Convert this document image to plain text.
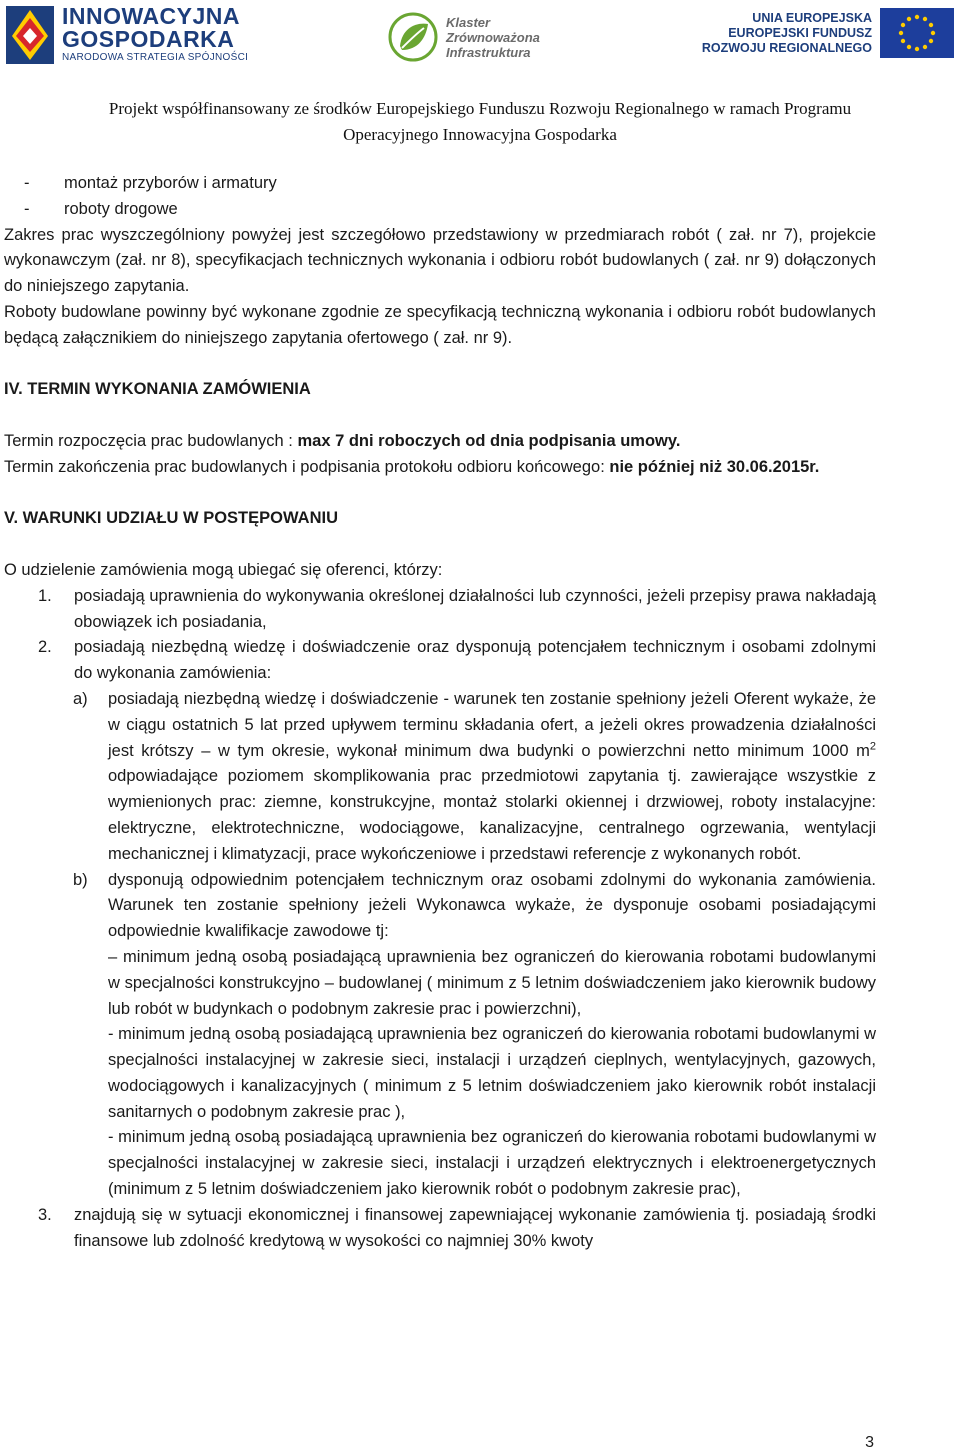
INNOWACYJNA
GOSPODARKA
NARODOWA STRATEGIA SPÓJNOŚCI
Klaster
Zrównoważona
Infrastruktura
UNIA EUROPEJSKA
EUROPEJSKI FUNDUSZ
ROZWOJU REGIONALNEGO
Projekt współfinansowany ze środków Europejskiego Funduszu Rozwoju Regionalnego w ramach Programu
Operacyjnego Innowacyjna Gospodarka

- montaż przyborów i armatury

- roboty drogowe

Zakres prac wyszczególniony powyżej jest szczegółowo przedstawiony w przedmiarach robót ( zał. nr 7), projekcie wykonawczym (zał. nr 8), specyfikacjach technicznych wykonania i odbioru robót budowlanych ( zał. nr 9) dołączonych do niniejszego zapytania.

Roboty budowlane powinny być wykonane zgodnie ze specyfikacją techniczną wykonania i odbioru robót budowlanych będącą załącznikiem do niniejszego zapytania ofertowego ( zał. nr 9).

IV. TERMIN WYKONANIA ZAMÓWIENIA

Termin rozpoczęcia prac budowlanych : max 7 dni roboczych od dnia podpisania umowy.

Termin zakończenia prac budowlanych i podpisania protokołu odbioru końcowego: nie później niż 30.06.2015r.

V. WARUNKI UDZIAŁU W POSTĘPOWANIU

O udzielenie zamówienia mogą ubiegać się oferenci, którzy:

1.	posiadają uprawnienia do wykonywania określonej działalności lub czynności, jeżeli przepisy prawa nakładają obowiązek ich posiadania,
2.	posiadają niezbędną wiedzę i doświadczenie oraz dysponują potencjałem technicznym i osobami zdolnymi do wykonania zamówienia:
a)	posiadają niezbędną wiedzę i doświadczenie - warunek ten zostanie spełniony jeżeli Oferent wykaże, że w ciągu ostatnich 5 lat przed upływem terminu składania ofert, a jeżeli okres prowadzenia działalności jest krótszy – w tym okresie, wykonał minimum dwa budynki o powierzchni netto minimum 1000 $m^2$ odpowiadające poziomem skomplikowania prac przedmiotowi zapytania tj. zawierające wszystkie z wymienionych prac: ziemne, konstrukcyjne, montaż stolarki okiennej i drzwiowej, roboty instalacyjne: elektryczne, elektrotechniczne, wodociągowe, kanalizacyjne, centralnego ogrzewania, wentylacji mechanicznej i klimatyzacji, prace wykończeniowe i przedstawi referencje z wykonanych robót.
b)	dysponują odpowiednim potencjałem technicznym oraz osobami zdolnymi do wykonania zamówienia. Warunek ten zostanie spełniony jeżeli Wykonawca wykaże, że dysponuje osobami posiadającymi odpowiednie kwalifikacje zawodowe tj:

– minimum jedną osobą posiadającą uprawnienia bez ograniczeń do kierowania robotami budowlanymi w specjalności konstrukcyjno – budowlanej ( minimum z 5 letnim doświadczeniem jako kierownik budowy lub robót w budynkach o podobnym zakresie prac i powierzchni),

- minimum jedną osobą posiadającą uprawnienia bez ograniczeń do kierowania robotami budowlanymi w specjalności instalacyjnej w zakresie sieci, instalacji i urządzeń cieplnych, wentylacyjnych, gazowych, wodociągowych i kanalizacyjnych ( minimum z 5 letnim doświadczeniem jako kierownik robót instalacji sanitarnych o podobnym zakresie prac ),

- minimum jedną osobą posiadającą uprawnienia bez ograniczeń do kierowania robotami budowlanymi w specjalności instalacyjnej w zakresie sieci, instalacji i urządzeń elektrycznych i elektroenergetycznych (minimum z 5 letnim doświadczeniem jako kierownik robót o podobnym zakresie prac),

3.	znajdują się w sytuacji ekonomicznej i finansowej zapewniającej wykonanie zamówienia tj. posiadają środki finansowe lub zdolność kredytową w wysokości co najmniej 30% kwoty
3
